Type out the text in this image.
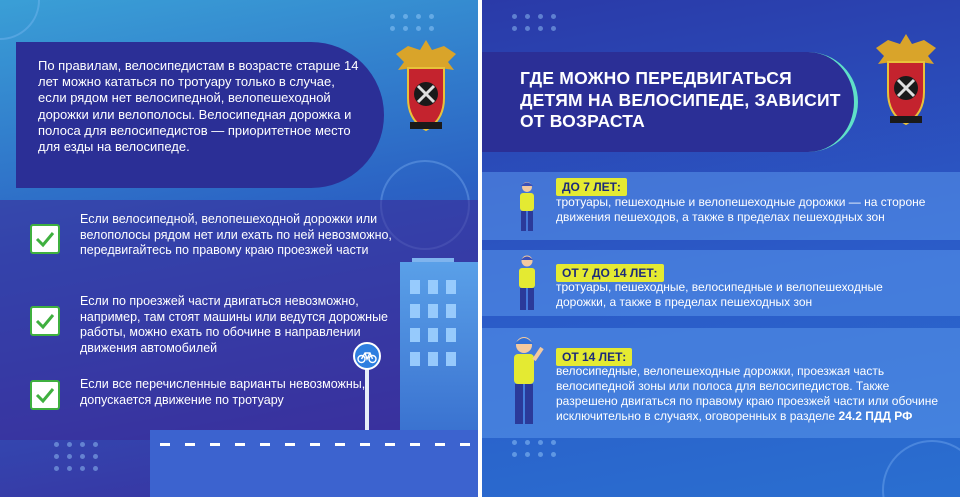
По правилам, велосипедистам в возрасте старше 14 лет можно кататься по тротуару только в случае, если рядом нет велосипедной, велопешеходной дорожки или велополосы. Велосипедная дорожка и полоса для велосипедистов — приоритетное место для езды на велосипеде.

Если велосипедной, велопешеходной дорожки или велополосы рядом нет или ехать по ней невозможно, передвигайтесь по правому краю проезжей части
Если по проезжей части двигаться невозможно, например, там стоят машины или ведутся дорожные работы, можно ехать по обочине в направлении движения автомобилей
Если все перечисленные варианты невозможны, допускается движение по тротуару
ГДЕ МОЖНО ПЕРЕДВИГАТЬСЯ ДЕТЯМ НА ВЕЛОСИПЕДЕ, ЗАВИСИТ ОТ ВОЗРАСТА
ДО 7 ЛЕТ:
тротуары, пешеходные и велопешеходные дорожки — на стороне движения пешеходов, а также в пределах пешеходных зон
ОТ 7 ДО 14 ЛЕТ:
тротуары, пешеходные, велосипедные и велопешеходные дорожки, а также в пределах пешеходных зон
ОТ 14 ЛЕТ:
велосипедные, велопешеходные дорожки, проезжая часть велосипедной зоны или полоса для велосипедистов. Также разрешено двигаться по правому краю проезжей части или обочине исключительно в случаях, оговоренных в разделе 24.2 ПДД РФ
